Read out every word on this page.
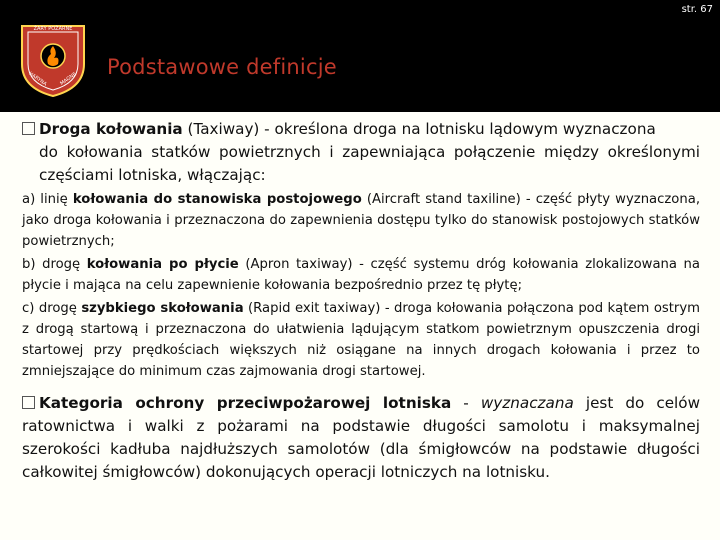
str. 67
ŻARY POŻARNE
HARYNA MAGNE
Podstawowe definicje

Droga kołowania (Taxiway) - określona droga na lotnisku lądowym wyznaczona

do kołowania statków powietrznych i zapewniająca połączenie między określonymi częściami lotniska, włączając:

a) linię kołowania do stanowiska postojowego (Aircraft stand taxiline) - część płyty wyznaczona, jako droga kołowania i przeznaczona do zapewnienia dostępu tylko do stanowisk postojowych statków powietrznych;

b) drogę kołowania po płycie (Apron taxiway) - część systemu dróg kołowania zlokalizowana na płycie i mająca na celu zapewnienie kołowania bezpośrednio przez tę płytę;

c) drogę szybkiego skołowania (Rapid exit taxiway) - droga kołowania połączona pod kątem ostrym z drogą startową i przeznaczona do ułatwienia lądującym statkom powietrznym opuszczenia drogi startowej przy prędkościach większych niż osiągane na innych drogach kołowania i przez to zmniejszające do minimum czas zajmowania drogi startowej.

Kategoria ochrony przeciwpożarowej lotniska - wyznaczana jest do celów ratownictwa i walki z pożarami na podstawie długości samolotu i maksymalnej szerokości kadłuba najdłuższych samolotów (dla śmigłowców na podstawie długości całkowitej śmigłowców) dokonujących operacji lotniczych na lotnisku.
